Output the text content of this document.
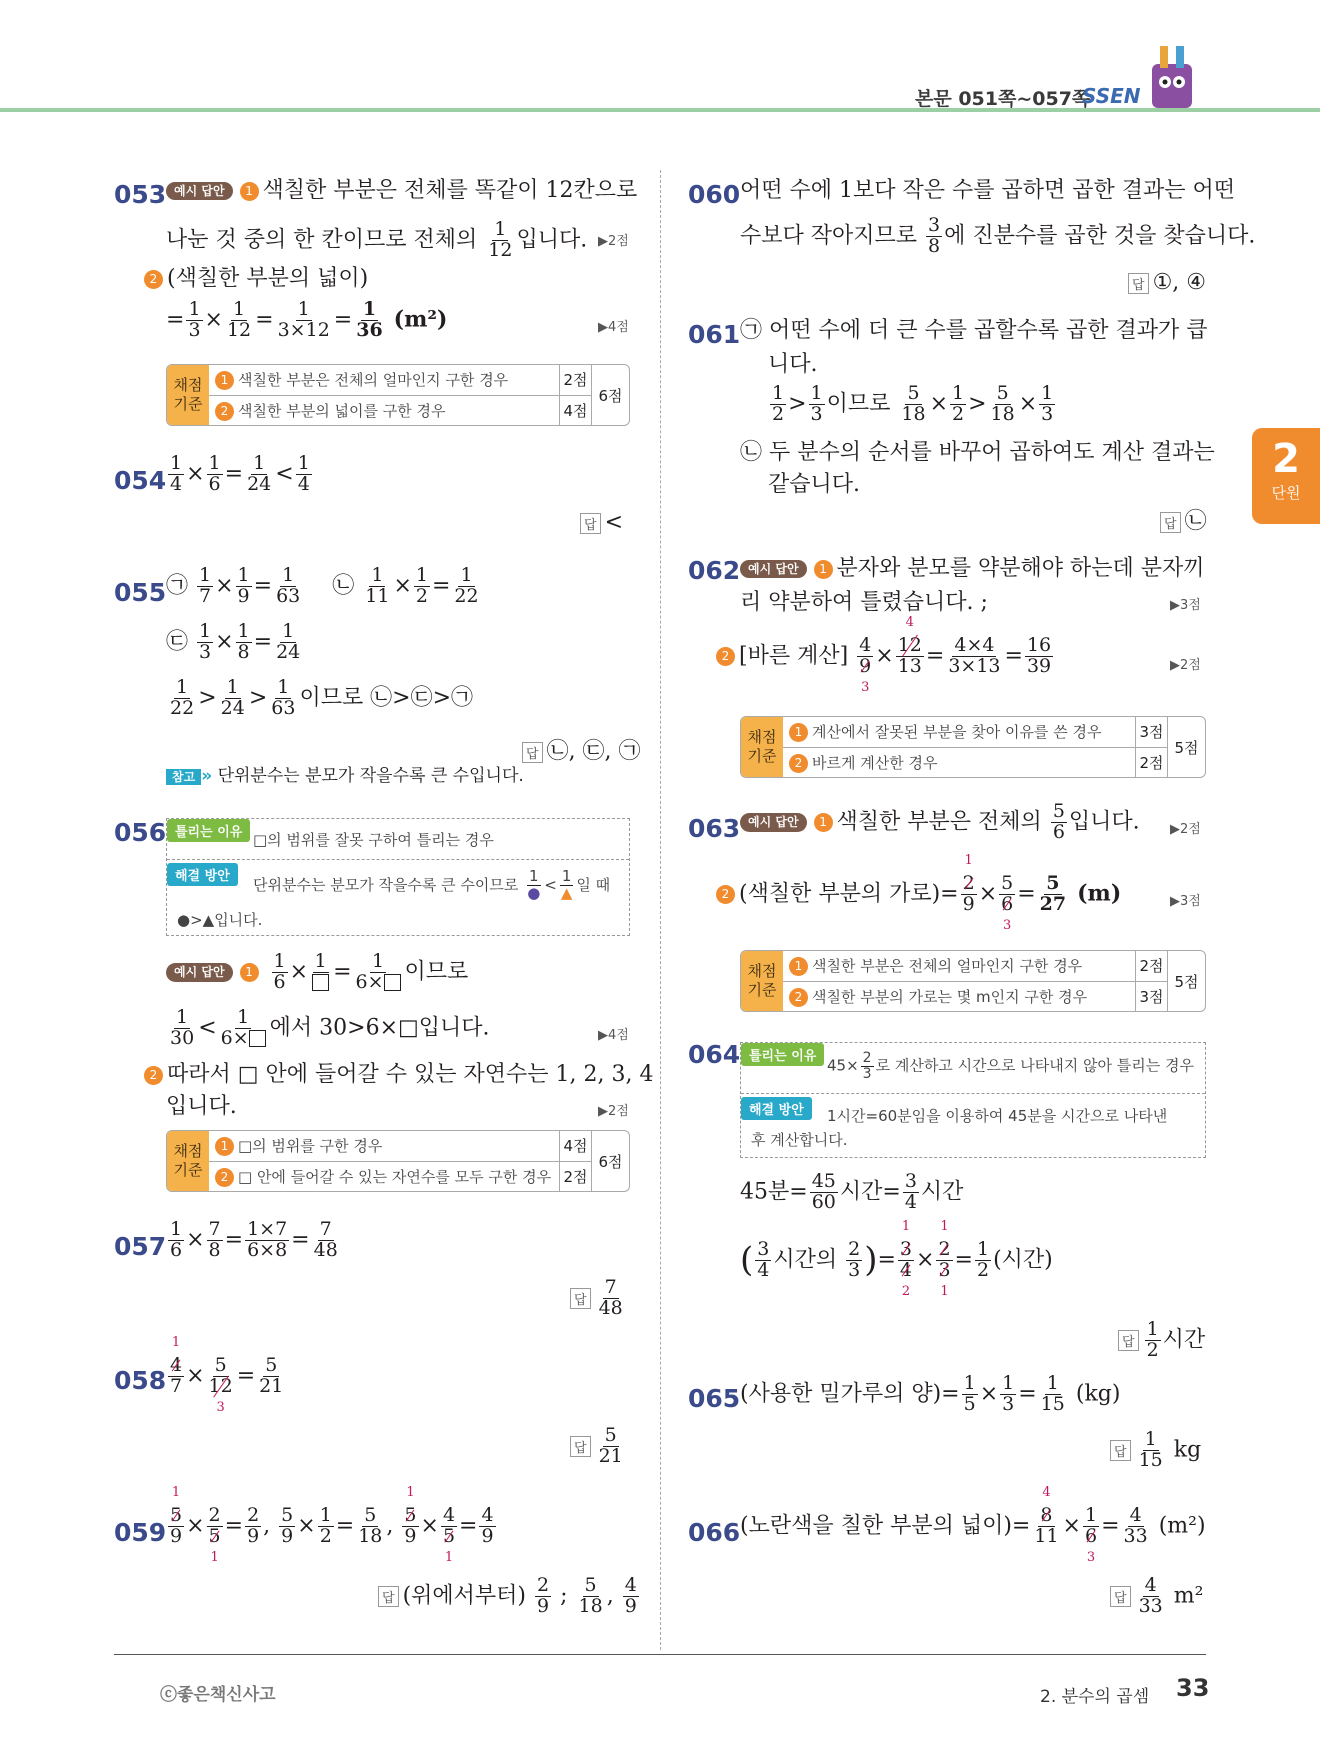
본문 051쪽~057쪽
SSEN
2
단원
053 예시 답안 1 색칠한 부분은 전체를 똑같이 12칸으로
나눈 것 중의 한 칸이므로 전체의 $\frac{1}{12}$ 입니다. ▶2점
2 (색칠한 부분의 넓이)
= $\frac{1}{3} \times \frac{1}{12} = \frac{1}{3\times 12} = \frac{1}{36} (m^2)$	▶4점
채점
기준
1 색칠한 부분은 전체의 얼마인지 구한 경우	2점
2 색칠한 부분의 넓이를 구한 경우	4점
6점
$054 \frac{1}{4} \times \frac{1}{6} = \frac{1}{24} < \frac{1}{4}$
답 <
055 ㉠ $\frac{1}{7} \times \frac{1}{9} = \frac{1}{63}$ ㉡ $\frac{1}{11} \times \frac{1}{2} = \frac{1}{22}$
㉢ $\frac{1}{3} \times \frac{1}{8} = \frac{1}{24}$
$\frac{1}{22} > \frac{1}{24} > \frac{1}{63}$ 이므로 ㉡>㉢>㉠
답 ㉡, ㉢, ㉠
참고 » 단위분수는 분모가 작을수록 큰 수입니다.
056 틀리는 이유 □의 범위를 잘못 구하여 틀리는 경우
해결 방안	단위분수는 분모가 작을수록 큰 수이므로 $\frac{1}{●} < \frac{1}{▲}$ 일 때
●>▲입니다.
예시 답안 $1 \frac{1}{6} \times 1 = \frac{1}{6\times}$ 이므로
$\frac{1}{30} < \frac{1}{6\times}$ 에서 30>6×□입니다.	▶4점
2 따라서 □ 안에 들어갈 수 있는 자연수는 1, 2, 3, 4
입니다.	▶2점
채점
기준
1 □의 범위를 구한 경우	4점
2 □ 안에 들어갈 수 있는 자연수를 모두 구한 경우 2점
6점
$057 \frac{1}{6} \times \frac{7}{8} = \frac{1\times 7}{6\times 8} = \frac{7}{48}$
답 $\frac{7}{48}$
058 4
1
7 × 5
12
$3 = \frac{5}{21}$
답 $\frac{5}{21}$
059 5
1
9 × 2
5
$1 = \frac{2}{9}$ , $\frac{5}{9} \times \frac{1}{2} = \frac{5}{18}$ , 5
1
9 × 4
5
$1 = \frac{4}{9}$
답 (위에서부터) $\frac{2}{9}$ ; $\frac{5}{18}$ , $\frac{4}{9}$
060 어떤 수에 1보다 작은 수를 곱하면 곱한 결과는 어떤
수보다 작아지므로 $\frac{3}{8}$ 에 진분수를 곱한 것을 찾습니다.
답 ①, ④
061 ㉠ 어떤 수에 더 큰 수를 곱할수록 곱한 결과가 큽
니다.
$\frac{1}{2} > \frac{1}{3}$ 이므로 $\frac{5}{18} \times \frac{1}{2} > \frac{5}{18} \times \frac{1}{3}$
㉡ 두 분수의 순서를 바꾸어 곱하여도 계산 결과는
같습니다.
답 ㉡
062 예시 답안 1 분자와 분모를 약분해야 하는데 분자끼
리 약분하여 틀렸습니다. ;	▶3점
2 [바른 계산] 4
9
3 × 12
4
$13 = \frac{4\times 4}{3\times 13} = \frac{16}{39}$	▶2점
채점
기준
1 계산에서 잘못된 부분을 찾아 이유를 쓴 경우	3점
2 바르게 계산한 경우	2점
5점
063 예시 답안 1 색칠한 부분은 전체의 $\frac{5}{6}$ 입니다. ▶2점
2 (색칠한 부분의 가로)= 2
1
9 × 5
6
$3 = \frac{5}{27} (m)$	▶3점
채점
기준
1 색칠한 부분은 전체의 얼마인지 구한 경우	2점
2 색칠한 부분의 가로는 몇 m인지 구한 경우	3점
5점
064 틀리는 이유
$45\times \frac{2}{3}$ 로 계산하고 시간으로 나타내지 않아 틀리는 경우
해결 방안	1시간=60분임을 이용하여 45분을 시간으로 나타낸
후 계산합니다.
45분= $\frac{45}{60}$ 시간= $\frac{3}{4}$ 시간
( $\frac{3}{4}$ 시간의 $\frac{2}{3}$ )= 3
1
4
2 × 2
1
3
$1 = \frac{1}{2}$ (시간)
답 $\frac{1}{2}$ 시간
065 (사용한 밀가루의 양)= $\frac{1}{5} \times \frac{1}{3} = \frac{1}{15} (kg)$
답 $\frac{1}{15}$ kg
066 (노란색을 칠한 부분의 넓이)= 8
4
11 × 1
6
$3 = \frac{4}{33} (m^2)$
답 $\frac{4}{33} m^2$
ⓒ좋은책신사고	2. 분수의 곱셈 33
